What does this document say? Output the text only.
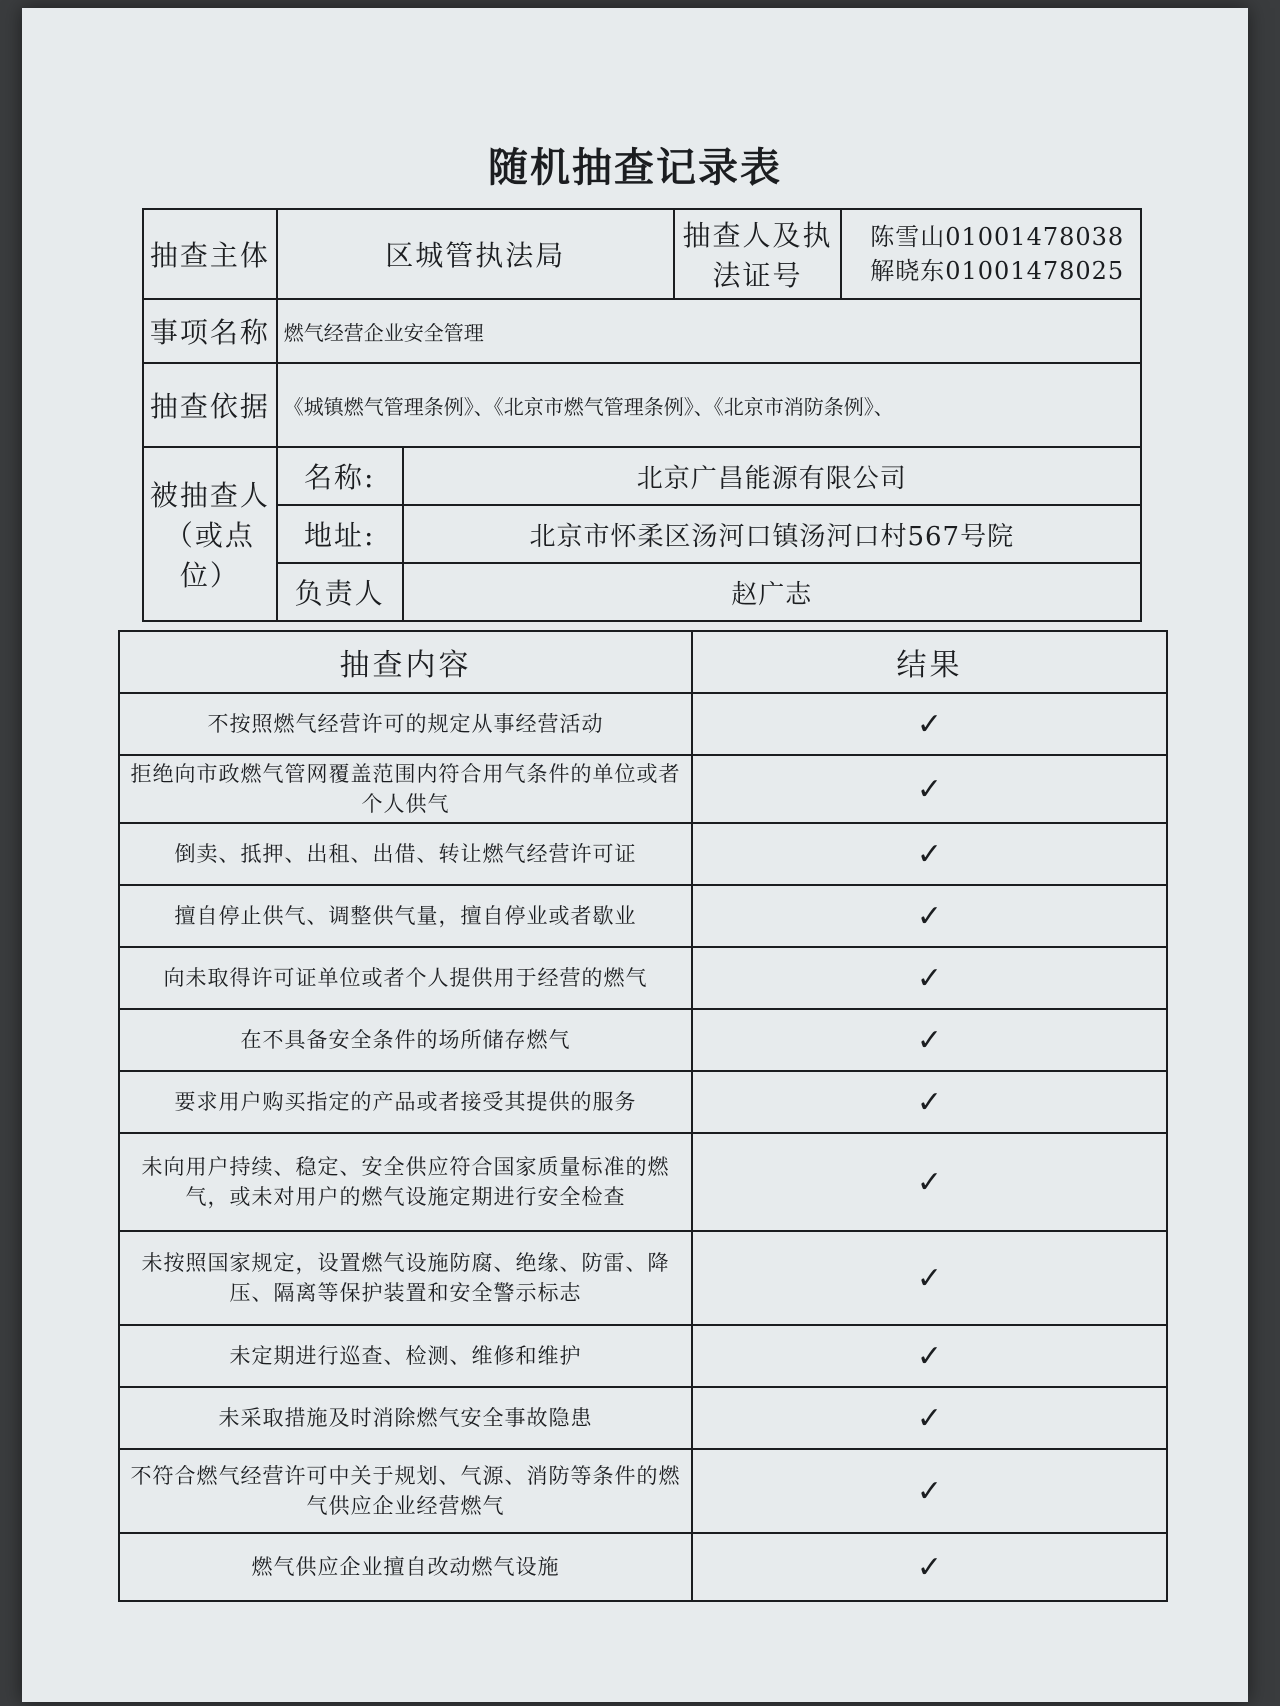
随机抽查记录表
抽查主体	区城管执法局		抽查人及执法证号	陈雪山01001478038
解晓东01001478025

事项名称	燃气经营企业安全管理			
抽查依据	《城镇燃气管理条例》、《北京市燃气管理条例》、《北京市消防条例》、			
被抽查人（或点位）	名称:	北京广昌能源有限公司		
	地址:	北京市怀柔区汤河口镇汤河口村567号院		
	负责人	赵广志		
抽查内容	结果
不按照燃气经营许可的规定从事经营活动	✓
拒绝向市政燃气管网覆盖范围内符合用气条件的单位或者个人供气	✓
倒卖、抵押、出租、出借、转让燃气经营许可证	✓
擅自停止供气、调整供气量，擅自停业或者歇业	✓
向未取得许可证单位或者个人提供用于经营的燃气	✓
在不具备安全条件的场所储存燃气	✓
要求用户购买指定的产品或者接受其提供的服务	✓
未向用户持续、稳定、安全供应符合国家质量标准的燃气，或未对用户的燃气设施定期进行安全检查	✓
未按照国家规定，设置燃气设施防腐、绝缘、防雷、降压、隔离等保护装置和安全警示标志	✓
未定期进行巡查、检测、维修和维护	✓
未采取措施及时消除燃气安全事故隐患	✓
不符合燃气经营许可中关于规划、气源、消防等条件的燃气供应企业经营燃气	✓
燃气供应企业擅自改动燃气设施	✓
